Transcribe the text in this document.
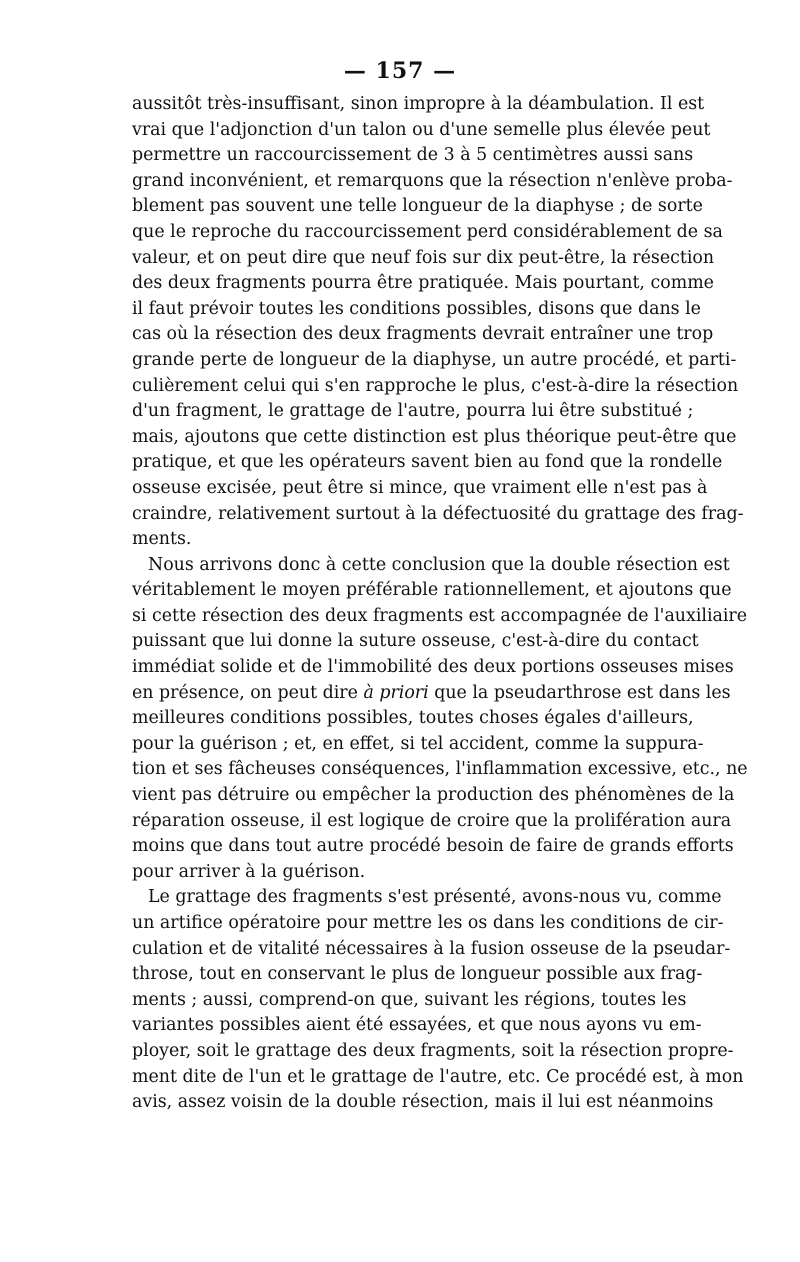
— 157 —
aussitôt très-insuffisant, sinon impropre à la déambulation. Il est
vrai que l'adjonction d'un talon ou d'une semelle plus élevée peut
permettre un raccourcissement de 3 à 5 centimètres aussi sans
grand inconvénient, et remarquons que la résection n'enlève proba-
blement pas souvent une telle longueur de la diaphyse ; de sorte
que le reproche du raccourcissement perd considérablement de sa
valeur, et on peut dire que neuf fois sur dix peut-être, la résection
des deux fragments pourra être pratiquée. Mais pourtant, comme
il faut prévoir toutes les conditions possibles, disons que dans le
cas où la résection des deux fragments devrait entraîner une trop
grande perte de longueur de la diaphyse, un autre procédé, et parti-
culièrement celui qui s'en rapproche le plus, c'est-à-dire la résection
d'un fragment, le grattage de l'autre, pourra lui être substitué ;
mais, ajoutons que cette distinction est plus théorique peut-être que
pratique, et que les opérateurs savent bien au fond que la rondelle
osseuse excisée, peut être si mince, que vraiment elle n'est pas à
craindre, relativement surtout à la défectuosité du grattage des frag-
ments.
Nous arrivons donc à cette conclusion que la double résection est
véritablement le moyen préférable rationnellement, et ajoutons que
si cette résection des deux fragments est accompagnée de l'auxiliaire
puissant que lui donne la suture osseuse, c'est-à-dire du contact
immédiat solide et de l'immobilité des deux portions osseuses mises
en présence, on peut dire à priori que la pseudarthrose est dans les
meilleures conditions possibles, toutes choses égales d'ailleurs,
pour la guérison ; et, en effet, si tel accident, comme la suppura-
tion et ses fâcheuses conséquences, l'inflammation excessive, etc., ne
vient pas détruire ou empêcher la production des phénomènes de la
réparation osseuse, il est logique de croire que la prolifération aura
moins que dans tout autre procédé besoin de faire de grands efforts
pour arriver à la guérison.
Le grattage des fragments s'est présenté, avons-nous vu, comme
un artifice opératoire pour mettre les os dans les conditions de cir-
culation et de vitalité nécessaires à la fusion osseuse de la pseudar-
throse, tout en conservant le plus de longueur possible aux frag-
ments ; aussi, comprend-on que, suivant les régions, toutes les
variantes possibles aient été essayées, et que nous ayons vu em-
ployer, soit le grattage des deux fragments, soit la résection propre-
ment dite de l'un et le grattage de l'autre, etc. Ce procédé est, à mon
avis, assez voisin de la double résection, mais il lui est néanmoins
